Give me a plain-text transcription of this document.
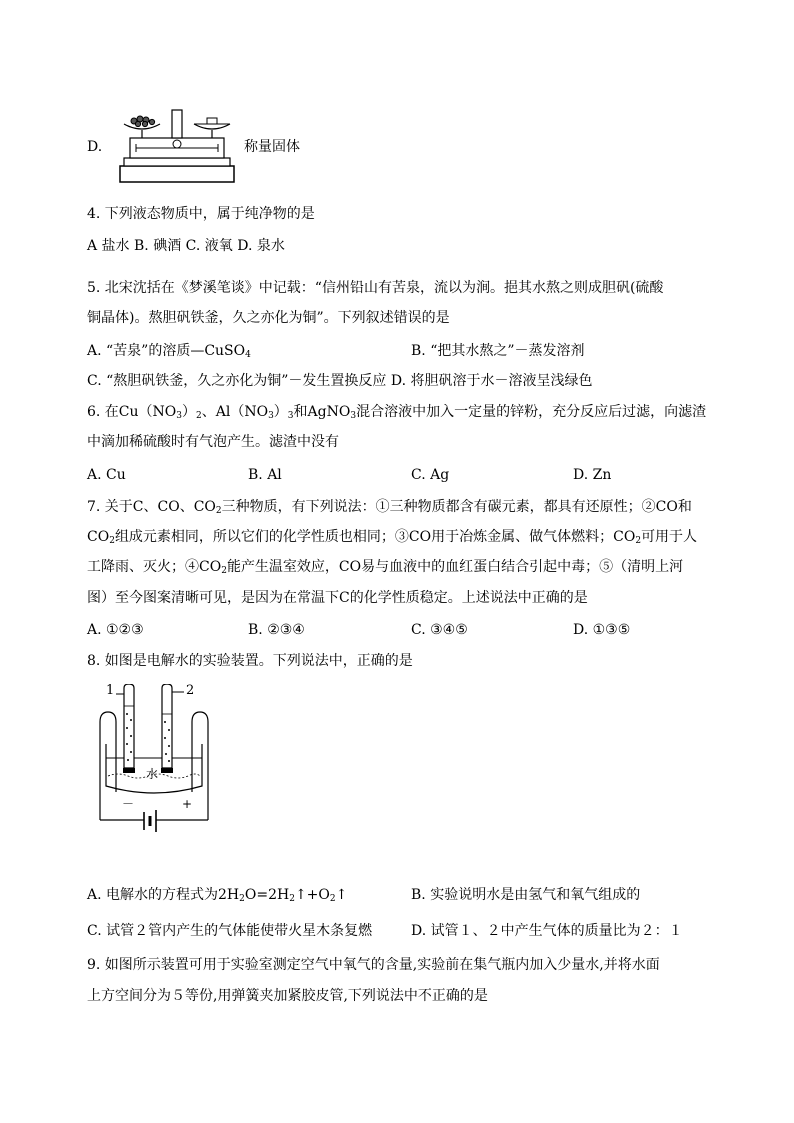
D.	称量固体
4. 下列液态物质中，属于纯净物的是
A 盐水 B. 碘酒 C. 液氧 D. 泉水
5. 北宋沈括在《梦溪笔谈》中记载：“信州铅山有苦泉，流以为涧。挹其水熬之则成胆矾(硫酸
铜晶体)。熬胆矾铁釜，久之亦化为铜”。下列叙述错误的是
A. “苦泉”的溶质—CuSO$_4$	B. “把其水熬之”－蒸发溶剂
C. “熬胆矾铁釜，久之亦化为铜”－发生置换反应 D. 将胆矾溶于水－溶液呈浅绿色
6. 在$Cu(NO_3)_2$、$Al(NO_3)_3$和AgNO$_3$混合溶液中加入一定量的锌粉，充分反应后过滤，向滤渣
中滴加稀硫酸时有气泡产生。滤渣中没有
A. Cu	B. Al	C. Ag	D. Zn
7. 关于C、CO、$CO_2$三种物质，有下列说法：①三种物质都含有碳元素，都具有还原性；②CO和
$CO_2$组成元素相同，所以它们的化学性质也相同；③CO用于冶炼金属、做气体燃料；$CO_2$可用于人
工降雨、灭火；$④CO_2$能产生温室效应，CO易与血液中的血红蛋白结合引起中毒；⑤（清明上河
图）至今图案清晰可见，是因为在常温下C的化学性质稳定。上述说法中正确的是
A. ①②③	B. ②③④	C. ③④⑤	D. ①③⑤
8. 如图是电解水的实验装置。下列说法中，正确的是
1	2
水
－	+
A. 电解水的方程式为$2H_2O=2H_2↑+O_2↑$	B. 实验说明水是由氢气和氧气组成的
C. 试管２管内产生的气体能使带火星木条复燃	D. 试管１、２中产生气体的质量比为２：１
9. 如图所示装置可用于实验室测定空气中氧气的含量,实验前在集气瓶内加入少量水,并将水面
上方空间分为５等份,用弹簧夹加紧胶皮管,下列说法中不正确的是
